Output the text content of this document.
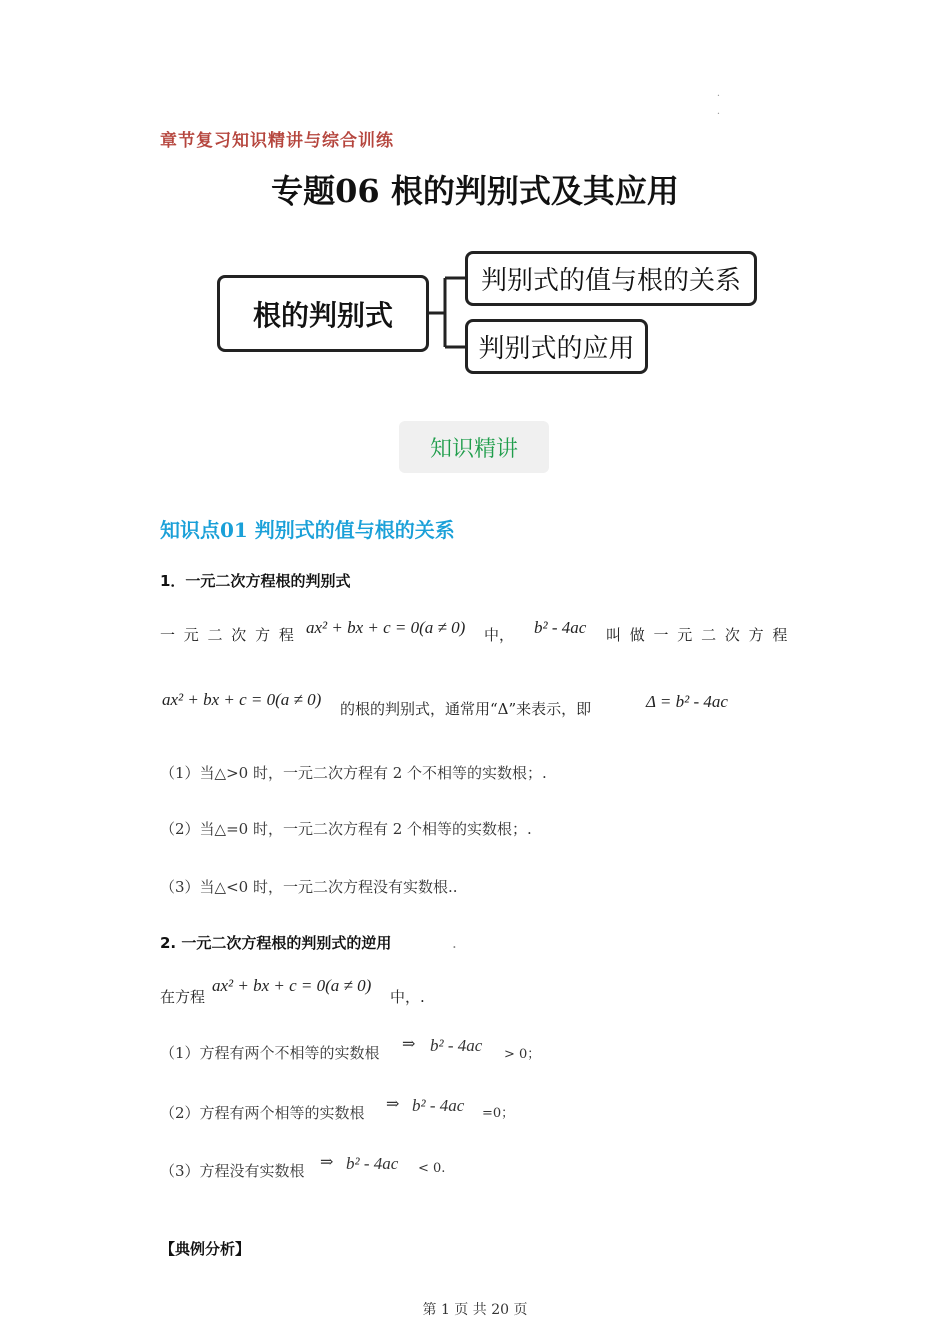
·
·
章节复习知识精讲与综合训练
专题06 根的判别式及其应用
根的判别式
判别式的值与根的关系
判别式的应用
知识精讲
知识点01 判别式的值与根的关系
1．一元二次方程根的判别式
一 元 二 次 方 程 ax² + bx + c = 0(a ≠ 0) 中， b² - 4ac 叫 做 一 元 二 次 方 程
ax² + bx + c = 0(a ≠ 0) 的根的判别式，通常用“Δ”来表示，即	Δ = b² - 4ac
（1）当△>0 时，一元二次方程有 2 个不相等的实数根；.
（2）当△=0 时，一元二次方程有 2 个相等的实数根；.
（3）当△<0 时，一元二次方程没有实数根..
2. 一元二次方程根的判别式的逆用	.
在方程
ax² + bx + c = 0(a ≠ 0)
中，.
（1）方程有两个不相等的实数根 ⇒ b² - 4ac > 0；
（2）方程有两个相等的实数根 ⇒ b² - 4ac =0；
（3）方程没有实数根 ⇒ b² - 4ac < 0.
【典例分析】
第 1 页 共 20 页
